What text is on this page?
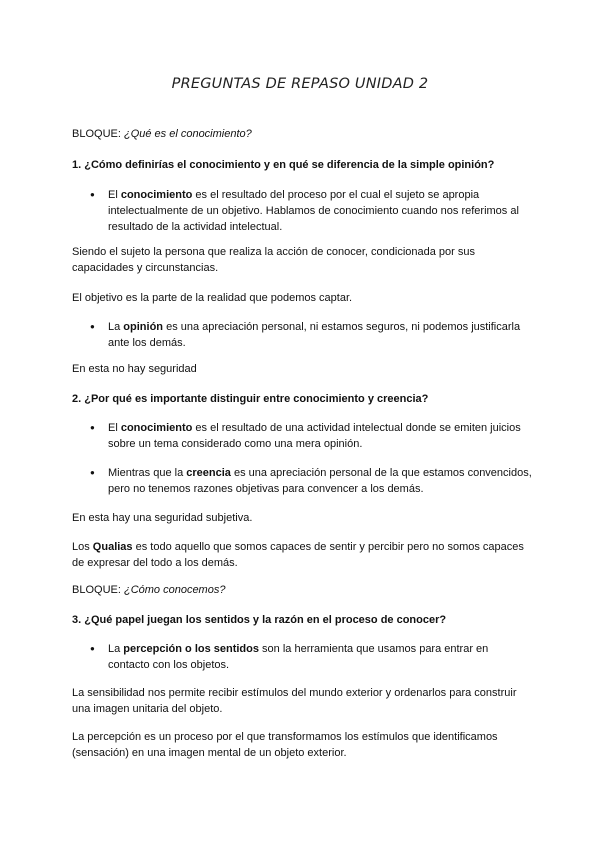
PREGUNTAS DE REPASO UNIDAD 2

BLOQUE: ¿Qué es el conocimiento?

1. ¿Cómo definirías el conocimiento y en qué se diferencia de la simple opinión?

● El conocimiento es el resultado del proceso por el cual el sujeto se apropia intelectualmente de un objetivo. Hablamos de conocimiento cuando nos referimos al resultado de la actividad intelectual.

Siendo el sujeto la persona que realiza la acción de conocer, condicionada por sus capacidades y circunstancias.

El objetivo es la parte de la realidad que podemos captar.

● La opinión es una apreciación personal, ni estamos seguros, ni podemos justificarla ante los demás.

En esta no hay seguridad

2. ¿Por qué es importante distinguir entre conocimiento y creencia?

● El conocimiento es el resultado de una actividad intelectual donde se emiten juicios sobre un tema considerado como una mera opinión.
● Mientras que la creencia es una apreciación personal de la que estamos convencidos, pero no tenemos razones objetivas para convencer a los demás.

En esta hay una seguridad subjetiva.

Los Qualias es todo aquello que somos capaces de sentir y percibir pero no somos capaces de expresar del todo a los demás.

BLOQUE: ¿Cómo conocemos?

3. ¿Qué papel juegan los sentidos y la razón en el proceso de conocer?

● La percepción o los sentidos son la herramienta que usamos para entrar en contacto con los objetos.

La sensibilidad nos permite recibir estímulos del mundo exterior y ordenarlos para construir una imagen unitaria del objeto.

La percepción es un proceso por el que transformamos los estímulos que identificamos (sensación) en una imagen mental de un objeto exterior.
